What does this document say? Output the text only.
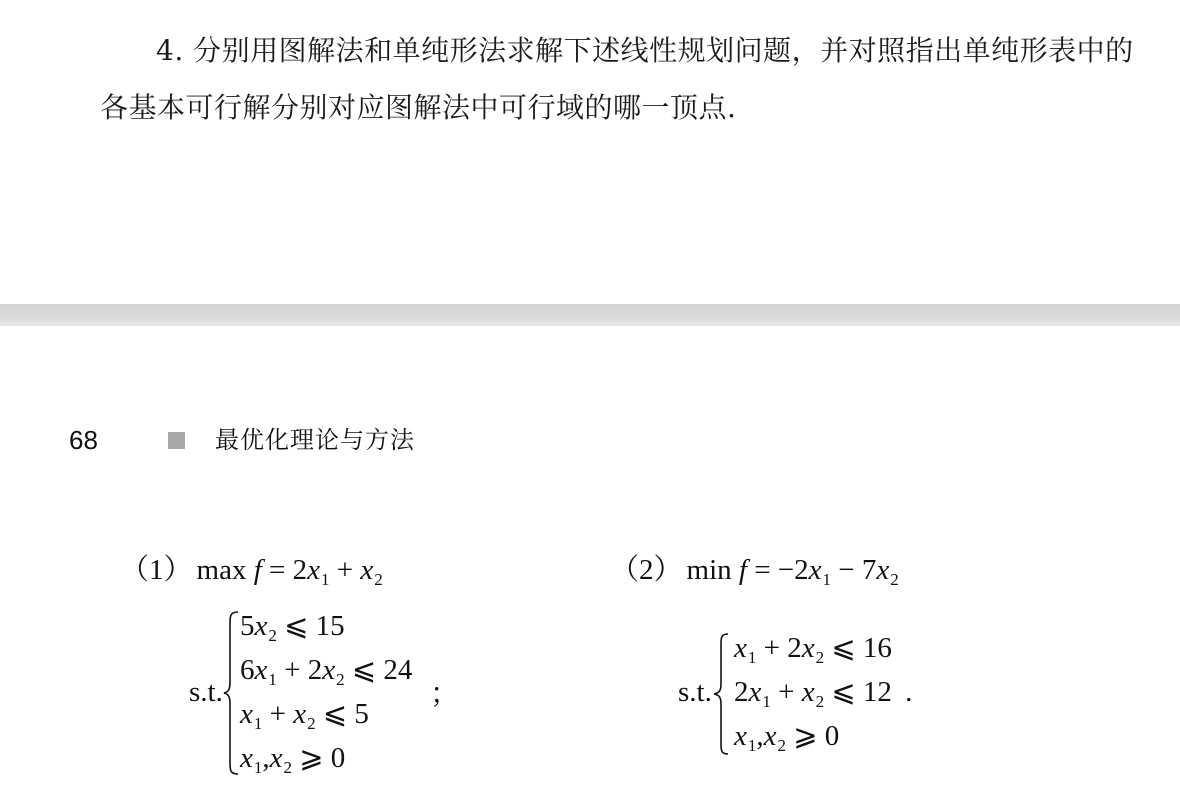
4. 分别用图解法和单纯形法求解下述线性规划问题，并对照指出单纯形表中的各基本可行解分别对应图解法中可行域的哪一顶点.

68	最优化理论与方法
（1） $\max f = 2x_1 + x_2$
s.t.
$5x_2$ ⩽ 15
$6x_1 + 2x_2$ ⩽ 24
$x_1 + x_2$ ⩽ 5
$x_1,x_2$ ⩾ 0
；
（2） $\min f = -2x_1 - 7x_2$
s.t.
$x_1 + 2x_2$ ⩽ 16
$2x_1 + x_2$ ⩽ 12 .
$x_1,x_2$ ⩾ 0
